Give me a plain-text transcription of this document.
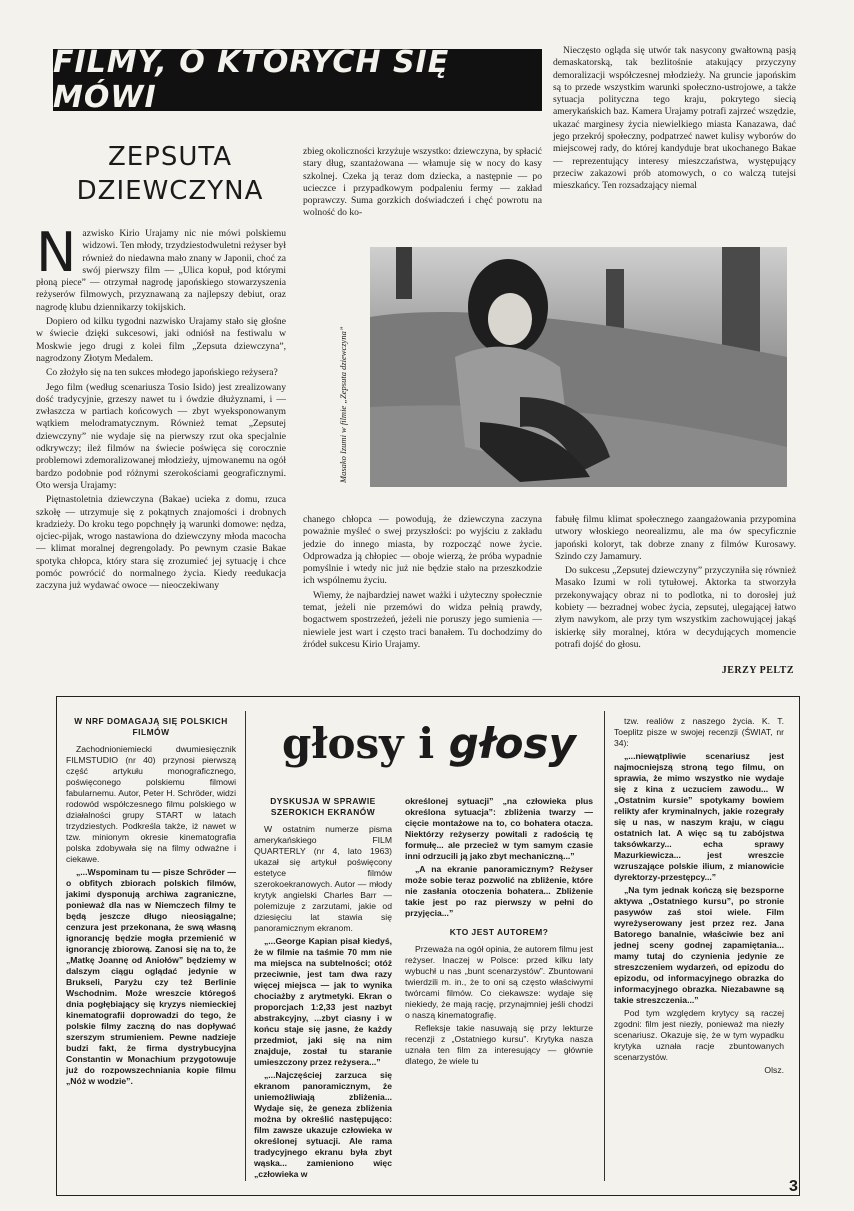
FILMY, O KTÓRYCH SIĘ MÓWI
ZEPSUTA DZIEWCZYNA

Nazwisko Kirio Urajamy nic nie mówi polskiemu widzowi. Ten młody, trzydziestodwuletni reżyser był również do niedawna mało znany w Japonii, choć za swój pierwszy film — „Ulica kopuł, pod którymi płoną piece” — otrzymał nagrodę japońskiego stowarzyszenia reżyserów filmowych, przyznawaną za najlepszy debiut, oraz nagrodę klubu dziennikarzy tokijskich.

Dopiero od kilku tygodni nazwisko Urajamy stało się głośne w świecie dzięki sukcesowi, jaki odniósł na festiwalu w Moskwie jego drugi z kolei film „Zepsuta dziewczyna”, nagrodzony Złotym Medalem.

Co złożyło się na ten sukces młodego japońskiego reżysera?

Jego film (według scenariusza Tosio Isido) jest zrealizowany dość tradycyjnie, grzeszy nawet tu i ówdzie dłużyznami, i — zwłaszcza w partiach końcowych — zbyt wyeksponowanym wątkiem melodramatycznym. Również temat „Zepsutej dziewczyny” nie wydaje się na pierwszy rzut oka specjalnie odkrywczy; ileż filmów na świecie poświęca się corocznie problemowi zdemoralizowanej młodzieży, ujmowanemu na ogół bardzo podobnie pod różnymi szerokościami geograficznymi. Oto wersja Urajamy:

Piętnastoletnia dziewczyna (Bakae) ucieka z domu, rzuca szkołę — utrzymuje się z pokątnych znajomości i drobnych kradzieży. Do kroku tego popchnęły ją warunki domowe: nędza, ojciec-pijak, wrogo nastawiona do dziewczyny młoda macocha — klimat moralnej degrengolady. Po pewnym czasie Bakae spotyka chłopca, który stara się zrozumieć jej sytuację i chce pomóc powrócić do normalnego życia. Kiedy reedukacja zaczyna już wydawać owoce — nieoczekiwany

zbieg okoliczności krzyżuje wszystko: dziewczyna, by spłacić stary dług, szantażowana — włamuje się w nocy do kasy szkolnej. Czeka ją teraz dom dziecka, a następnie — po ucieczce i przypadkowym podpaleniu fermy — zakład poprawczy. Suma gorzkich doświadczeń i chęć powrotu na wolność do ko-

Nieczęsto ogląda się utwór tak nasycony gwałtowną pasją demaskatorską, tak bezlitośnie atakujący przyczyny demoralizacji współczesnej młodzieży. Na gruncie japońskim są to przede wszystkim warunki społeczno-ustrojowe, a także sytuacja polityczna tego kraju, pokrytego siecią amerykańskich baz. Kamera Urajamy potrafi zajrzeć wszędzie, ukazać marginesy życia niewielkiego miasta Kanazawa, dać jego przekrój społeczny, podpatrzeć nawet kulisy wyborów do miejscowej rady, do której kandyduje brat ukochanego Bakae — reprezentujący interesy mieszczaństwa, występujący przeciw zakazowi prób atomowych, o co walczą tutejsi mieszkańcy. Ten rozsadzający niemal

Masako Izumi w filmie „Zepsuta dziewczyna”

chanego chłopca — powodują, że dziewczyna zaczyna poważnie myśleć o swej przyszłości: po wyjściu z zakładu jedzie do innego miasta, by rozpocząć nowe życie. Odprowadza ją chłopiec — oboje wierzą, że próba wypadnie pomyślnie i wtedy nic już nie będzie stało na przeszkodzie ich wspólnemu życiu.

Wiemy, że najbardziej nawet ważki i użyteczny społecznie temat, jeżeli nie przemówi do widza pełnią prawdy, bogactwem spostrzeżeń, jeżeli nie poruszy jego sumienia — niewiele jest wart i często traci banałem. Tu dochodzimy do źródeł sukcesu Kirio Urajamy.

fabułę filmu klimat społecznego zaangażowania przypomina utwory włoskiego neorealizmu, ale ma ów specyficznie japoński koloryt, tak dobrze znany z filmów Kurosawy. Szindo czy Jamamury.

Do sukcesu „Zepsutej dziewczyny” przyczyniła się również Masako Izumi w roli tytułowej. Aktorka ta stworzyła przekonywający obraz ni to podlotka, ni to dorosłej już kobiety — bezradnej wobec życia, zepsutej, ulegającej łatwo złym nawykom, ale przy tym wszystkim zachowującej jakąś iskierkę siły moralnej, która w decydujących momencie potrafi dojść do głosu.

JERZY PELTZ
głosy i głosy
W NRF DOMAGAJĄ SIĘ POLSKICH FILMÓW

Zachodnioniemiecki dwumiesięcznik FILMSTUDIO (nr 40) przynosi pierwszą część artykułu monograficznego, poświęconego polskiemu filmowi fabularnemu. Autor, Peter H. Schröder, widzi rodowód współczesnego filmu polskiego w działalności grupy START w latach trzydziestych. Podkreśla także, iż nawet w tzw. minionym okresie kinematografia polska zdobywała się na filmy odważne i ciekawe.

„...Wspominam tu — pisze Schröder — o obfitych zbiorach polskich filmów, jakimi dysponują archiwa zagraniczne, ponieważ dla nas w Niemczech filmy te będą jeszcze długo nieosiągalne; cenzura jest przekonana, że swą własną ignorancję będzie mogła przemienić w ignorancję zbiorową. Zanosi się na to, że „Matkę Joannę od Aniołów” będziemy w dalszym ciągu oglądać jedynie w Brukseli, Paryżu czy też Berlinie Wschodnim. Może wreszcie któregoś dnia pogłębiający się kryzys niemieckiej kinematografii doprowadzi do tego, że polskie filmy zaczną do nas dopływać szerszym strumieniem. Pewne nadzieje budzi fakt, że firma dystrybucyjna Constantin w Monachium przygotowuje już do rozpowszechniania kopie filmu „Nóż w wodzie”.

DYSKUSJA W SPRAWIE SZEROKICH EKRANÓW

W ostatnim numerze pisma amerykańskiego FILM QUARTERLY (nr 4, lato 1963) ukazał się artykuł poświęcony estetyce filmów szerokoekranowych. Autor — młody krytyk angielski Charles Barr — polemizuje z zarzutami, jakie od dziesięciu lat stawia się panoramicznym ekranom.

„...George Kapian pisał kiedyś, że w filmie na taśmie 70 mm nie ma miejsca na subtelności; otóż przeciwnie, jest tam dwa razy więcej miejsca — jak to wynika chociażby z arytmetyki. Ekran o proporcjach 1:2,33 jest nazbyt abstrakcyjny, ...zbyt ciasny i w końcu staje się jasne, że każdy przedmiot, jaki się na nim znajduje, został tu staranie umieszczony przez reżysera...”

„...Najczęściej zarzuca się ekranom panoramicznym, że uniemożliwiają zbliżenia... Wydaje się, że geneza zbliżenia można by określić następująco: film zawsze ukazuje człowieka w określonej sytuacji. Ale rama tradycyjnego ekranu była zbyt wąska... zamieniono więc „człowieka w

określonej sytuacji” „na człowieka plus określona sytuacja”: zbliżenia twarzy — cięcie montażowe na to, co bohatera otacza. Niektórzy reżyserzy powitali z radością tę formułę... ale przecież w tym samym czasie inni odrzucili ją jako zbyt mechaniczną...”

„A na ekranie panoramicznym? Reżyser może sobie teraz pozwolić na zbliżenie, które nie zasłania otoczenia bohatera... Zbliżenie takie jest po raz pierwszy w pełni do przyjęcia...”

KTO JEST AUTOREM?

Przeważa na ogół opinia, że autorem filmu jest reżyser. Inaczej w Polsce: przed kilku laty wybuchł u nas „bunt scenarzystów”. Zbuntowani twierdzili m. in., że to oni są często właściwymi twórcami filmów. Co ciekawsze: wydaje się niekiedy, że mają rację, przynajmniej jeśli chodzi o naszą kinematografię.

Refleksje takie nasuwają się przy lekturze recenzji z „Ostatniego kursu”. Krytyka nasza uznała ten film za interesujący — głównie dlatego, że wiele tu

tzw. realiów z naszego życia. K. T. Toeplitz pisze w swojej recenzji (ŚWIAT, nr 34):

„...niewątpliwie scenariusz jest najmocniejszą stroną tego filmu, on sprawia, że mimo wszystko nie wydaje się z kina z uczuciem zawodu... W „Ostatnim kursie” spotykamy bowiem relikty afer kryminalnych, jakie rozegrały się u nas, w naszym kraju, w ciągu ostatnich lat. A więc są tu zabójstwa taksówkarzy... echa sprawy Mazurkiewicza... jest wreszcie wzruszające polskie ilium, z mianowicie dyrektorzy-przestępcy...”

„Na tym jednak kończą się bezsporne aktywa „Ostatniego kursu”, po stronie pasywów zaś stoi wiele. Film wyreżyserowany jest przez rez. Jana Batorego banalnie, właściwie bez ani jednej sceny godnej zapamiętania... mamy tutaj do czynienia jedynie ze streszczeniem wydarzeń, od epizodu do epizodu, od informacyjnego obrazka do informacyjnego obrazka. Niezabawne są takie streszczenia...”

Pod tym względem krytycy są raczej zgodni: film jest niezły, ponieważ ma niezły scenariusz. Okazuje się, że w tym wypadku krytyka uznała racje zbuntowanych scenarzystów.

Olsz.

3
